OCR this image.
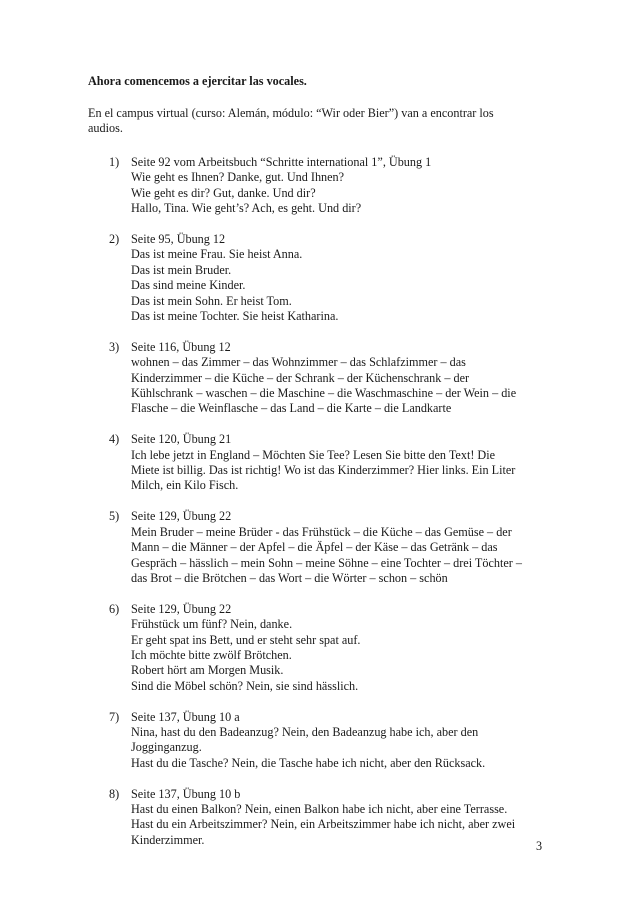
Ahora comencemos a ejercitar las vocales.

En el campus virtual (curso: Alemán, módulo: “Wir oder Bier”) van a encontrar los
audios.

1) Seite 92 vom Arbeitsbuch “Schritte international 1”, Übung 1
Wie geht es Ihnen? Danke, gut. Und Ihnen?
Wie geht es dir? Gut, danke. Und dir?
Hallo, Tina. Wie geht’s? Ach, es geht. Und dir?
2) Seite 95, Übung 12
Das ist meine Frau. Sie heist Anna.
Das ist mein Bruder.
Das sind meine Kinder.
Das ist mein Sohn. Er heist Tom.
Das ist meine Tochter. Sie heist Katharina.
3) Seite 116, Übung 12
wohnen – das Zimmer – das Wohnzimmer – das Schlafzimmer – das
Kinderzimmer – die Küche – der Schrank – der Küchenschrank – der
Kühlschrank – waschen – die Maschine – die Waschmaschine – der Wein – die
Flasche – die Weinflasche – das Land – die Karte – die Landkarte
4) Seite 120, Übung 21
Ich lebe jetzt in England – Möchten Sie Tee? Lesen Sie bitte den Text! Die
Miete ist billig. Das ist richtig! Wo ist das Kinderzimmer? Hier links. Ein Liter
Milch, ein Kilo Fisch.
5) Seite 129, Übung 22
Mein Bruder – meine Brüder - das Frühstück – die Küche – das Gemüse – der
Mann – die Männer – der Apfel – die Äpfel – der Käse – das Getränk – das
Gespräch – hässlich – mein Sohn – meine Söhne – eine Tochter – drei Töchter –
das Brot – die Brötchen – das Wort – die Wörter – schon – schön
6) Seite 129, Übung 22
Frühstück um fünf? Nein, danke.
Er geht spat ins Bett, und er steht sehr spat auf.
Ich möchte bitte zwölf Brötchen.
Robert hört am Morgen Musik.
Sind die Möbel schön? Nein, sie sind hässlich.
7) Seite 137, Übung 10 a
Nina, hast du den Badeanzug? Nein, den Badeanzug habe ich, aber den
Jogginganzug.
Hast du die Tasche? Nein, die Tasche habe ich nicht, aber den Rücksack.
8) Seite 137, Übung 10 b
Hast du einen Balkon? Nein, einen Balkon habe ich nicht, aber eine Terrasse.
Hast du ein Arbeitszimmer? Nein, ein Arbeitszimmer habe ich nicht, aber zwei
Kinderzimmer.	3
